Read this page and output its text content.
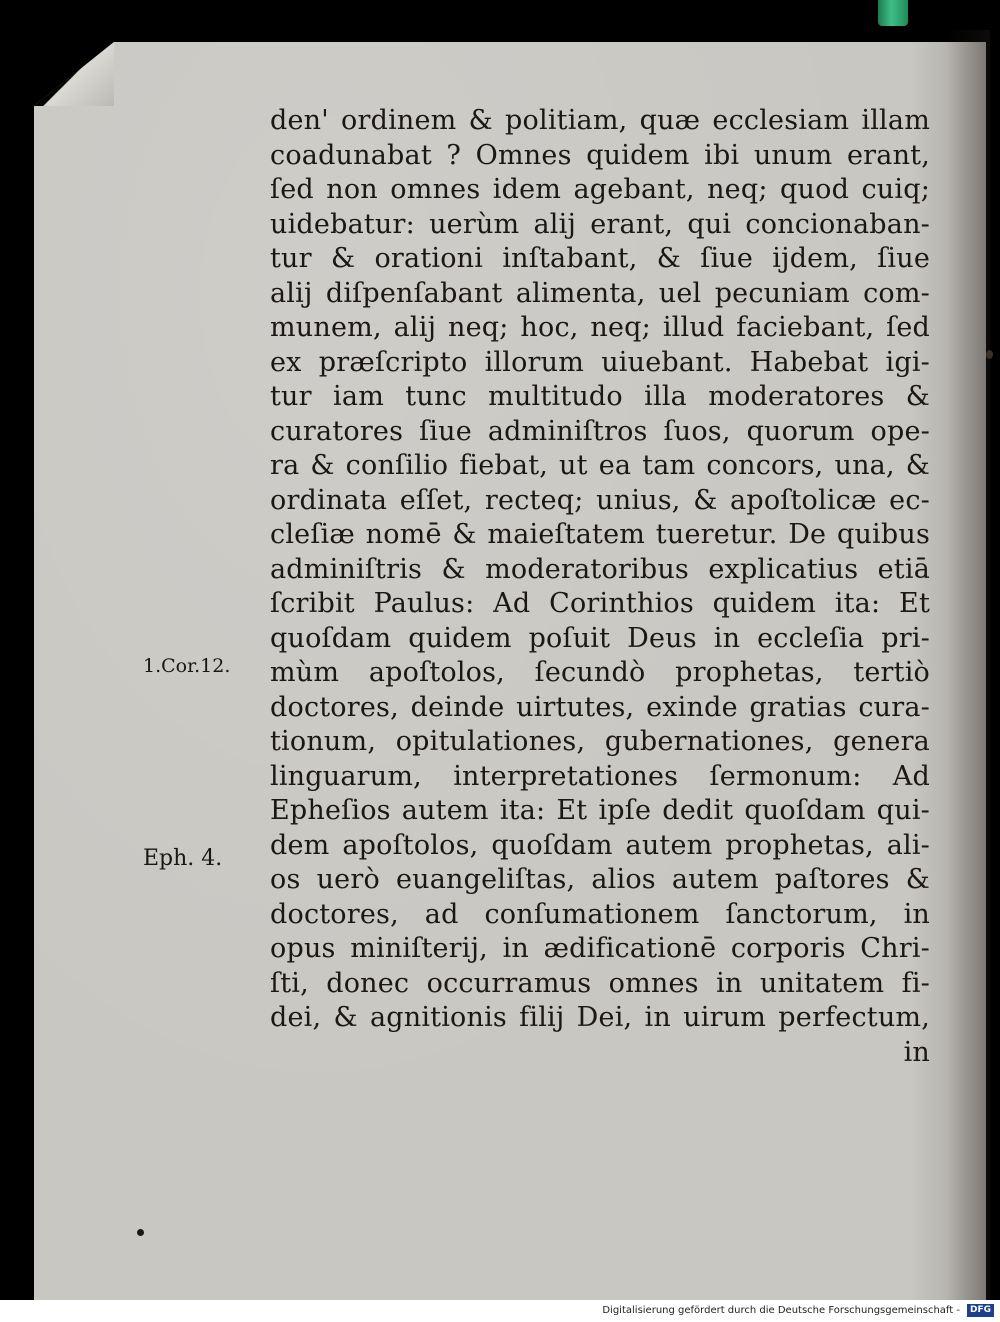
den' ordinem & politiam, quæ ecclesiam illam
coadunabat ? Omnes quidem ibi unum erant,
ſed non omnes idem agebant, neq; quod cuiq;
uidebatur: uerùm alij erant, qui concionaban-
tur & orationi inſtabant, & ſiue ijdem, ſiue
alij diſpenſabant alimenta, uel pecuniam com-
munem, alij neq; hoc, neq; illud faciebant, ſed
ex præſcripto illorum uiuebant. Habebat igi-
tur iam tunc multitudo illa moderatores &
curatores ſiue adminiſtros ſuos, quorum ope-
ra & conſilio fiebat, ut ea tam concors, una, &
ordinata eſſet, recteq; unius, & apoſtolicæ ec-
cleſiæ nomē & maieſtatem tueretur. De quibus
adminiſtris & moderatoribus explicatius etiā
ſcribit Paulus: Ad Corinthios quidem ita: Et
quoſdam quidem poſuit Deus in eccleſia pri-
mùm apoſtolos, ſecundò prophetas, tertiò
doctores, deinde uirtutes, exinde gratias cura-
tionum, opitulationes, gubernationes, genera
linguarum, interpretationes ſermonum: Ad
Epheſios autem ita: Et ipſe dedit quoſdam qui-
dem apoſtolos, quoſdam autem prophetas, ali-
os uerò euangeliſtas, alios autem paſtores &
doctores, ad conſumationem ſanctorum, in
opus miniſterij, in ædificationē corporis Chri-
ſti, donec occurramus omnes in unitatem fi-
dei, & agnitionis filij Dei, in uirum perfectum,
in
1.Cor.12.
Eph. 4.
Digitalisierung gefördert durch die Deutsche Forschungsgemeinschaft -	DFG
